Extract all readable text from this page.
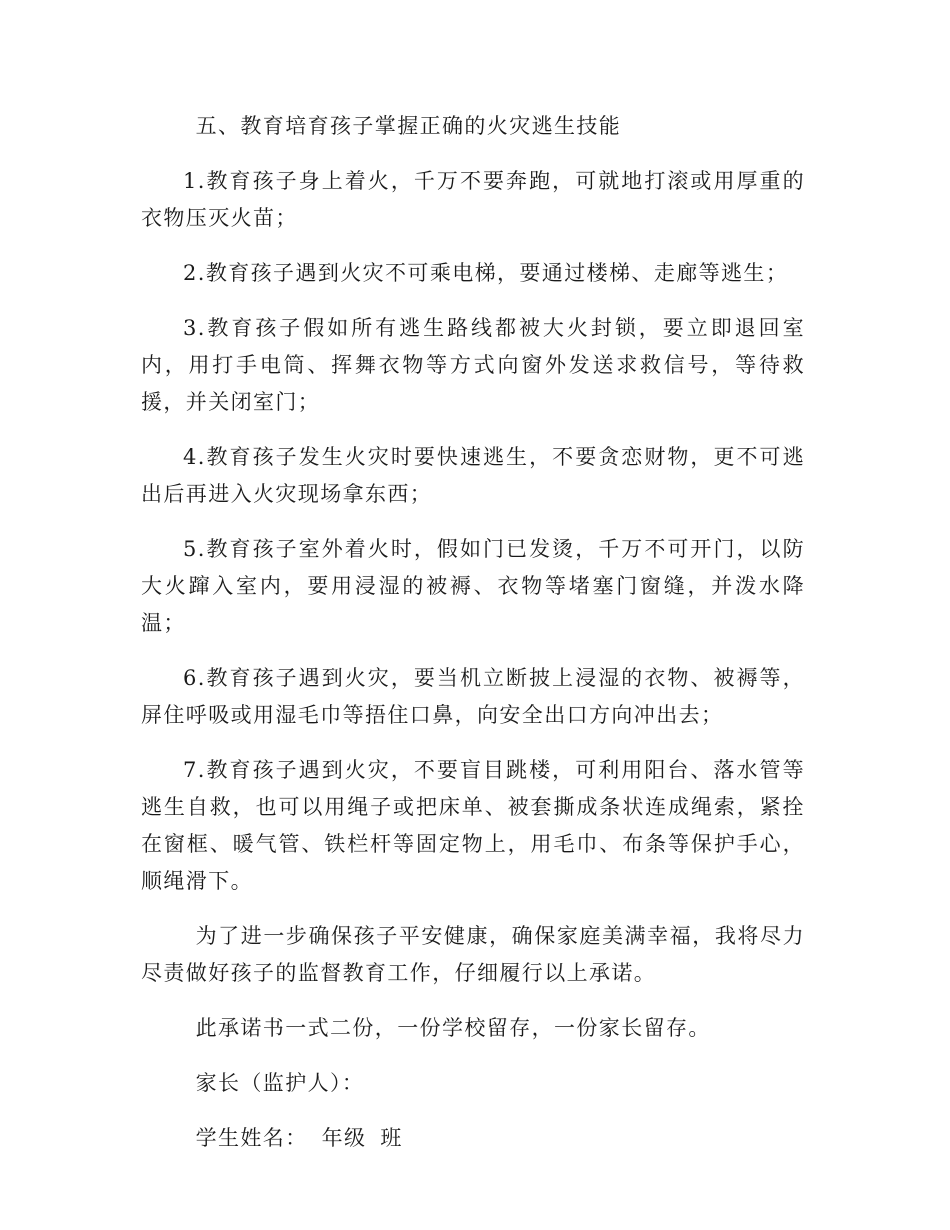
五、教育培育孩子掌握正确的火灾逃生技能

1.教育孩子身上着火，千万不要奔跑，可就地打滚或用厚重的衣物压灭火苗；

2.教育孩子遇到火灾不可乘电梯，要通过楼梯、走廊等逃生；

3.教育孩子假如所有逃生路线都被大火封锁，要立即退回室内，用打手电筒、挥舞衣物等方式向窗外发送求救信号，等待救援，并关闭室门；

4.教育孩子发生火灾时要快速逃生，不要贪恋财物，更不可逃出后再进入火灾现场拿东西；

5.教育孩子室外着火时，假如门已发烫，千万不可开门，以防大火蹿入室内，要用浸湿的被褥、衣物等堵塞门窗缝，并泼水降温；

6.教育孩子遇到火灾，要当机立断披上浸湿的衣物、被褥等，屏住呼吸或用湿毛巾等捂住口鼻，向安全出口方向冲出去；

7.教育孩子遇到火灾，不要盲目跳楼，可利用阳台、落水管等逃生自救，也可以用绳子或把床单、被套撕成条状连成绳索，紧拴在窗框、暖气管、铁栏杆等固定物上，用毛巾、布条等保护手心，顺绳滑下。

为了进一步确保孩子平安健康，确保家庭美满幸福，我将尽力尽责做好孩子的监督教育工作，仔细履行以上承诺。

此承诺书一式二份，一份学校留存，一份家长留存。

家长（监护人）：

学生姓名： 年级 班
